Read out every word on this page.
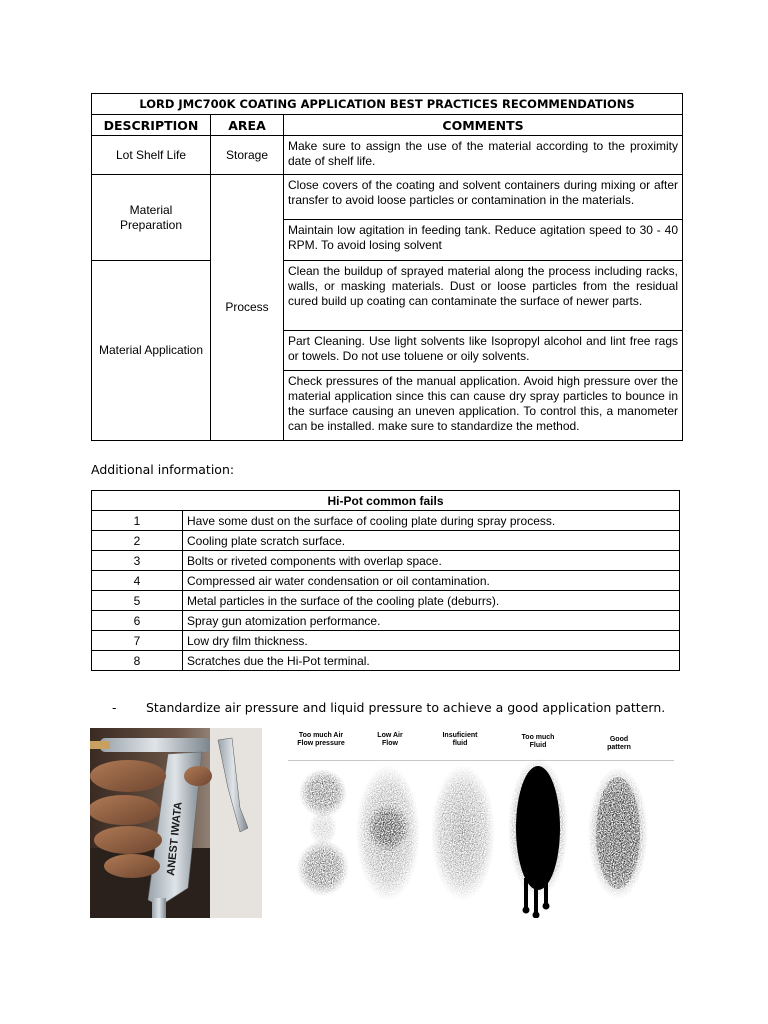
LORD JMC700K COATING APPLICATION BEST PRACTICES RECOMMENDATIONS		
DESCRIPTION	AREA	COMMENTS
Lot Shelf Life	Storage	Make sure to assign the use of the material according to the proximity date of shelf life.

Material Preparation	Process	Close covers of the coating and solvent containers during mixing or after transfer to avoid loose particles or contamination in the materials.
		Maintain low agitation in feeding tank. Reduce agitation speed to 30 - 40 RPM. To avoid losing solvent
Material Application		Clean the buildup of sprayed material along the process including racks, walls, or masking materials. Dust or loose particles from the residual cured build up coating can contaminate the surface of newer parts.
		Part Cleaning. Use light solvents like Isopropyl alcohol and lint free rags or towels. Do not use toluene or oily solvents.
		Check pressures of the manual application. Avoid high pressure over the material application since this can cause dry spray particles to bounce in the surface causing an uneven application. To control this, a manometer can be installed. make sure to standardize the method.
Additional information:
Hi-Pot common fails	
1	Have some dust on the surface of cooling plate during spray process.
2	Cooling plate scratch surface.
3	Bolts or riveted components with overlap space.
4	Compressed air water condensation or oil contamination.
5	Metal particles in the surface of the cooling plate (deburrs).
6	Spray gun atomization performance.
7	Low dry film thickness.
8	Scratches due the Hi-Pot terminal.
- Standardize air pressure and liquid pressure to achieve a good application pattern.
ANEST IWATA
Too much Air
Flow pressure
Low Air
Flow
Insuficient
fluid
Too much
Fluid
Good
pattern
